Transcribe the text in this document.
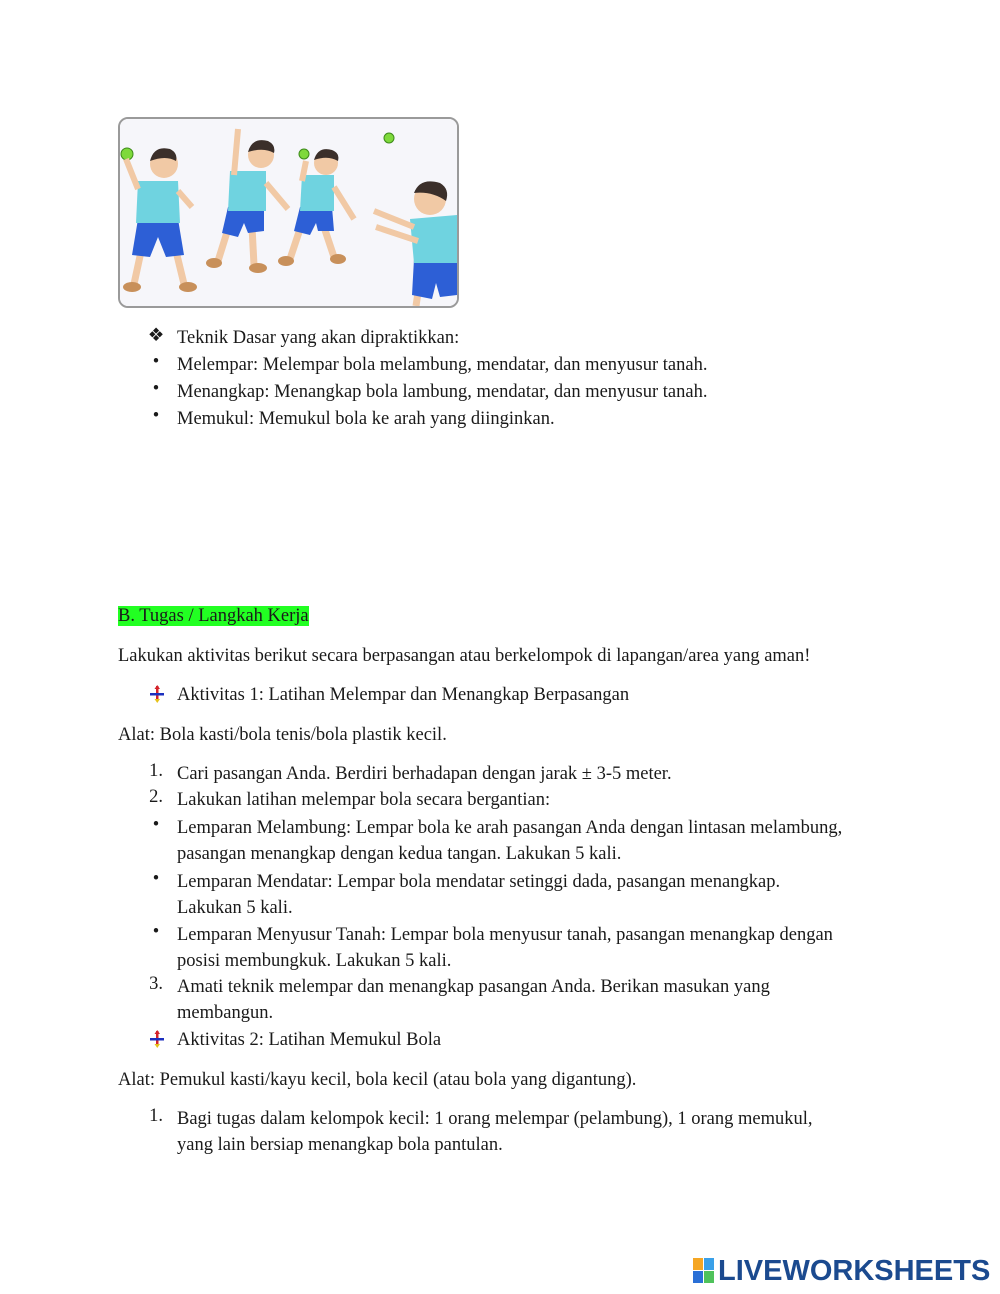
❖ Teknik Dasar yang akan dipraktikkan:
• Melempar: Melempar bola melambung, mendatar, dan menyusur tanah.
• Menangkap: Menangkap bola lambung, mendatar, dan menyusur tanah.
• Memukul: Memukul bola ke arah yang diinginkan.
B. Tugas / Langkah Kerja
Lakukan aktivitas berikut secara berpasangan atau berkelompok di lapangan/area yang aman!
Aktivitas 1: Latihan Melempar dan Menangkap Berpasangan
Alat: Bola kasti/bola tenis/bola plastik kecil.
1. Cari pasangan Anda. Berdiri berhadapan dengan jarak ± 3-5 meter.
2. Lakukan latihan melempar bola secara bergantian:
• Lemparan Melambung: Lempar bola ke arah pasangan Anda dengan lintasan melambung,
pasangan menangkap dengan kedua tangan. Lakukan 5 kali.
• Lemparan Mendatar: Lempar bola mendatar setinggi dada, pasangan menangkap.
Lakukan 5 kali.
• Lemparan Menyusur Tanah: Lempar bola menyusur tanah, pasangan menangkap dengan
posisi membungkuk. Lakukan 5 kali.
3. Amati teknik melempar dan menangkap pasangan Anda. Berikan masukan yang
membangun.
Aktivitas 2: Latihan Memukul Bola
Alat: Pemukul kasti/kayu kecil, bola kecil (atau bola yang digantung).
1. Bagi tugas dalam kelompok kecil: 1 orang melempar (pelambung), 1 orang memukul,
yang lain bersiap menangkap bola pantulan.
LIVEWORKSHEETS
